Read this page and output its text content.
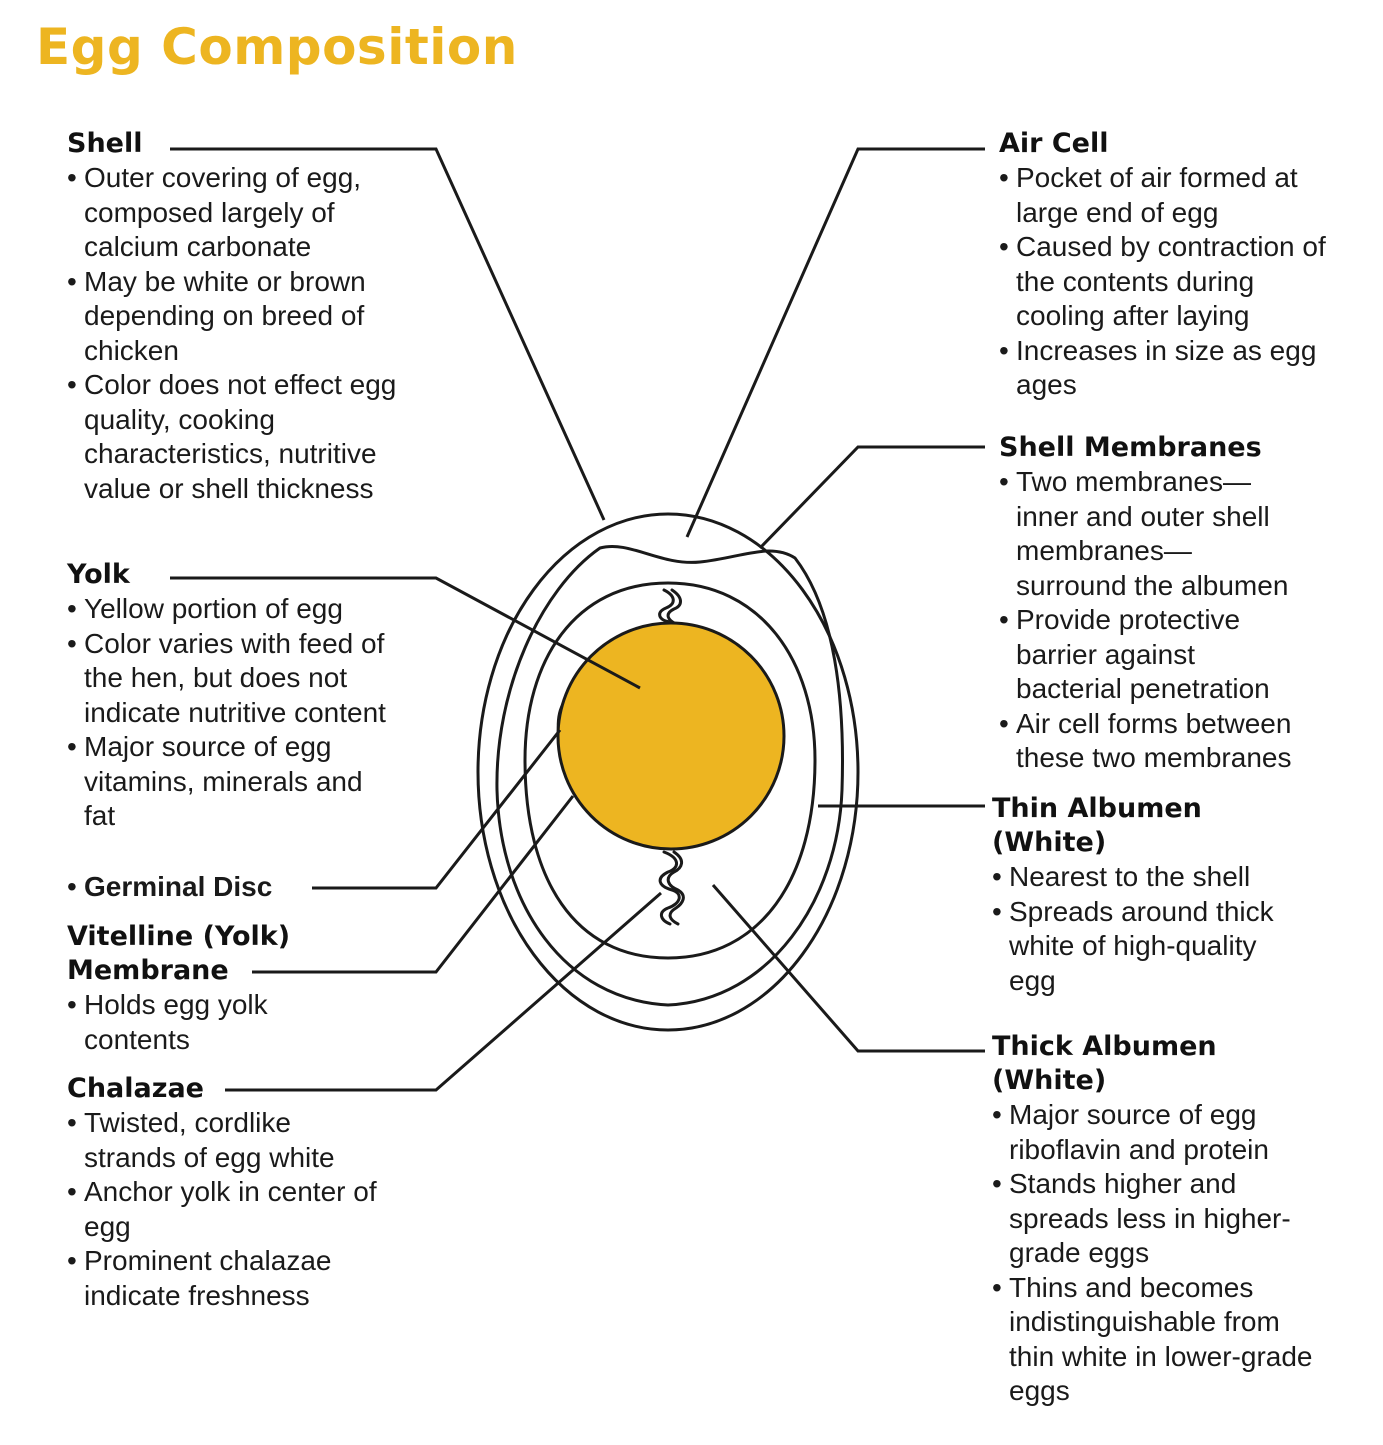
Egg Composition
Shell
• Outer covering of egg, composed largely of calcium carbonate
• May be white or brown depending on breed of chicken
• Color does not effect egg quality, cooking characteristics, nutritive value or shell thickness
Yolk
• Yellow portion of egg
• Color varies with feed of the hen, but does not indicate nutritive content
• Major source of egg vitamins, minerals and fat
• Germinal Disc
Vitelline (Yolk)
Membrane
• Holds egg yolk contents
Chalazae
• Twisted, cordlike strands of egg white
• Anchor yolk in center of egg
• Prominent chalazae indicate freshness
Air Cell
• Pocket of air formed at large end of egg
• Caused by contraction of the contents during cooling after laying
• Increases in size as egg ages
Shell Membranes
• Two membranes— inner and outer shell membranes— surround the albumen
• Provide protective barrier against bacterial penetration
• Air cell forms between these two membranes
Thin Albumen
(White)
• Nearest to the shell
• Spreads around thick white of high-quality egg
Thick Albumen
(White)
• Major source of egg riboflavin and protein
• Stands higher and spreads less in higher-grade eggs
• Thins and becomes indistinguishable from thin white in lower-grade eggs
